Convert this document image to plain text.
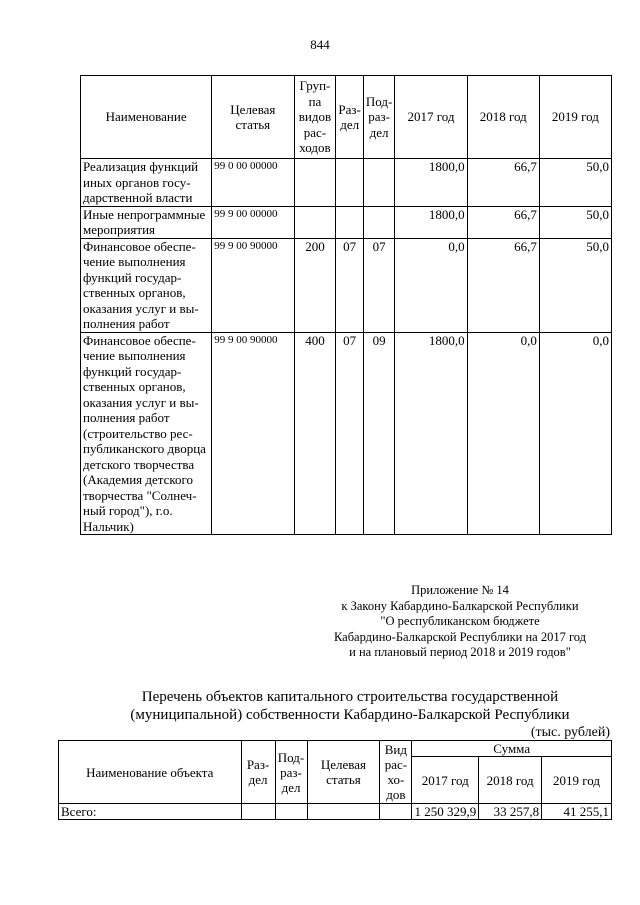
844
Наименование	Целевая статья	Груп-па видов рас-ходов	Раз-дел	Под-раз-дел	2017 год	2018 год	2019 год
Реализация функций иных органов госу-дарственной власти	99 0 00 00000				1800,0	66,7	50,0
Иные непрограммные мероприятия	99 9 00 00000				1800,0	66,7	50,0
Финансовое обеспе-чение выполнения функций государ-ственных органов, оказания услуг и вы-полнения работ	99 9 00 90000	200	07	07	0,0	66,7	50,0
Финансовое обеспе-чение выполнения функций государ-ственных органов, оказания услуг и вы-полнения работ (строительство рес-публиканского дворца детского творчества (Академия детского творчества "Солнеч-ный город"), г.о. Нальчик)	99 9 00 90000	400	07	09	1800,0	0,0	0,0
Приложение № 14
к Закону Кабардино-Балкарской Республики
"О республиканском бюджете
Кабардино-Балкарской Республики на 2017 год
и на плановый период 2018 и 2019 годов"
Перечень объектов капитального строительства государственной
(муниципальной) собственности Кабардино-Балкарской Республики
(тыс. рублей)
Наименование объекта	Раз-дел	Под-раз-дел	Целевая статья	Вид рас-хо-дов	Сумма		
					2017 год	2018 год	2019 год
Всего:					1 250 329,9	33 257,8	41 255,1
